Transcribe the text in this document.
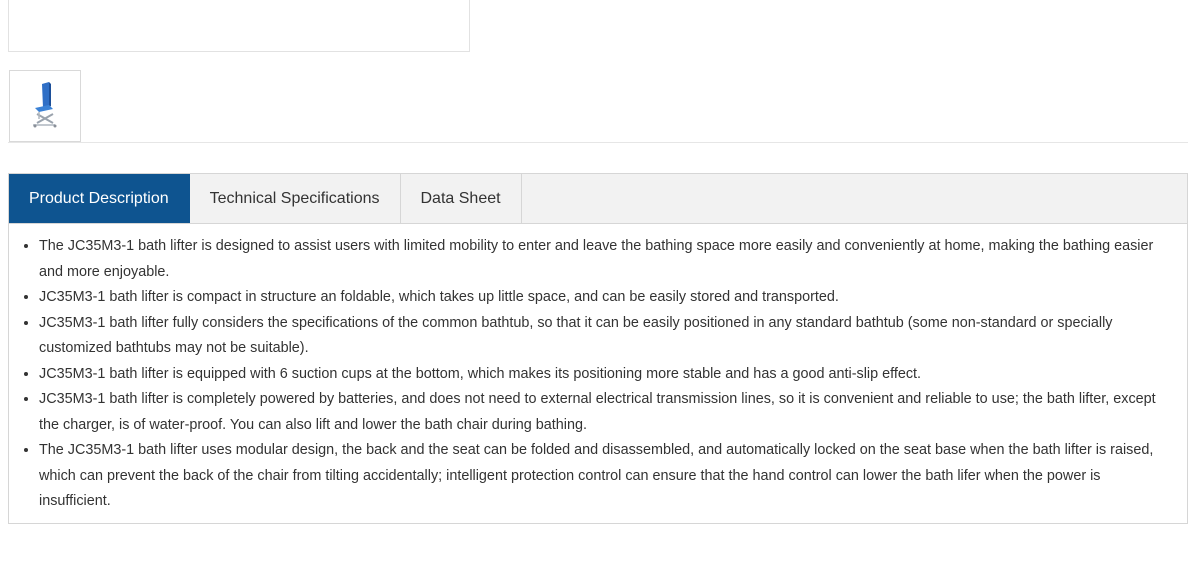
Product Description	Technical Specifications	Data Sheet
• The JC35M3-1 bath lifter is designed to assist users with limited mobility to enter and leave the bathing space more easily and conveniently at home, making the bathing easier and more enjoyable.
• JC35M3-1 bath lifter is compact in structure an foldable, which takes up little space, and can be easily stored and transported.
• JC35M3-1 bath lifter fully considers the specifications of the common bathtub, so that it can be easily positioned in any standard bathtub (some non-standard or specially customized bathtubs may not be suitable).
• JC35M3-1 bath lifter is equipped with 6 suction cups at the bottom, which makes its positioning more stable and has a good anti-slip effect.
• JC35M3-1 bath lifter is completely powered by batteries, and does not need to external electrical transmission lines, so it is convenient and reliable to use; the bath lifter, except the charger, is of water-proof. You can also lift and lower the bath chair during bathing.
• The JC35M3-1 bath lifter uses modular design, the back and the seat can be folded and disassembled, and automatically locked on the seat base when the bath lifter is raised, which can prevent the back of the chair from tilting accidentally; intelligent protection control can ensure that the hand control can lower the bath lifer when the power is insufficient.
